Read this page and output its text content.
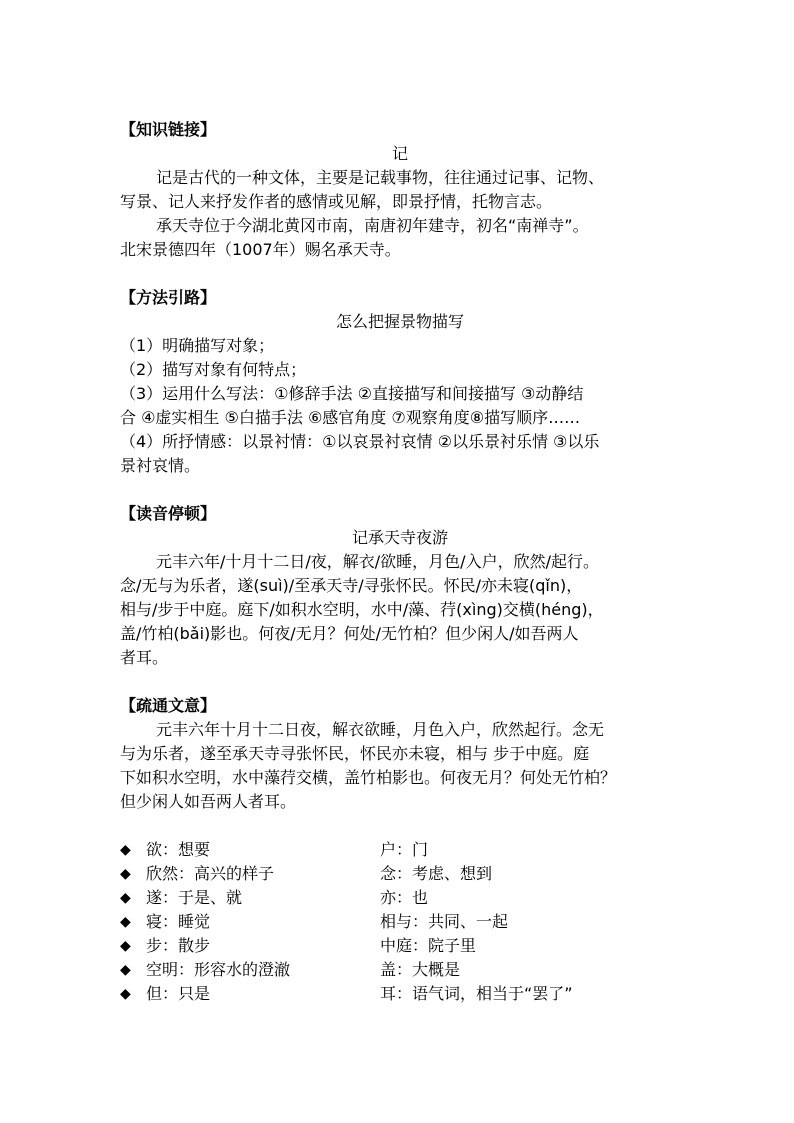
【知识链接】
记
记是古代的一种文体，主要是记载事物，往往通过记事、记物、
写景、记人来抒发作者的感情或见解，即景抒情，托物言志。
承天寺位于今湖北黄冈市南，南唐初年建寺，初名“南禅寺”。
北宋景德四年（1007年）赐名承天寺。
【方法引路】
怎么把握景物描写
（1）明确描写对象；
（2）描写对象有何特点；
（3）运用什么写法：①修辞手法 ②直接描写和间接描写 ③动静结
合 ④虚实相生 ⑤白描手法 ⑥感官角度 ⑦观察角度⑧描写顺序……
（4）所抒情感：以景衬情：①以哀景衬哀情 ②以乐景衬乐情 ③以乐
景衬哀情。
【读音停顿】
记承天寺夜游
元丰六年/十月十二日/夜，解衣/欲睡，月色/入户，欣然/起行。
念/无与为乐者，遂(suì)/至承天寺/寻张怀民。怀民/亦未寝(qǐn)，
相与/步于中庭。庭下/如积水空明，水中/藻、荇(xìng)交横(héng)，
盖/竹柏(bǎi)影也。何夜/无月？何处/无竹柏？但少闲人/如吾两人
者耳。
【疏通文意】
元丰六年十月十二日夜，解衣欲睡，月色入户，欣然起行。念无
与为乐者，遂至承天寺寻张怀民，怀民亦未寝，相与 步于中庭。庭
下如积水空明，水中藻荇交横，盖竹柏影也。何夜无月？何处无竹柏？
但少闲人如吾两人者耳。
◆ 欲：想要	户：门
◆ 欣然：高兴的样子	念：考虑、想到
◆ 遂：于是、就	亦：也
◆ 寝：睡觉	相与：共同、一起
◆ 步：散步	中庭：院子里
◆ 空明：形容水的澄澈	盖：大概是
◆ 但：只是	耳：语气词，相当于“罢了”
